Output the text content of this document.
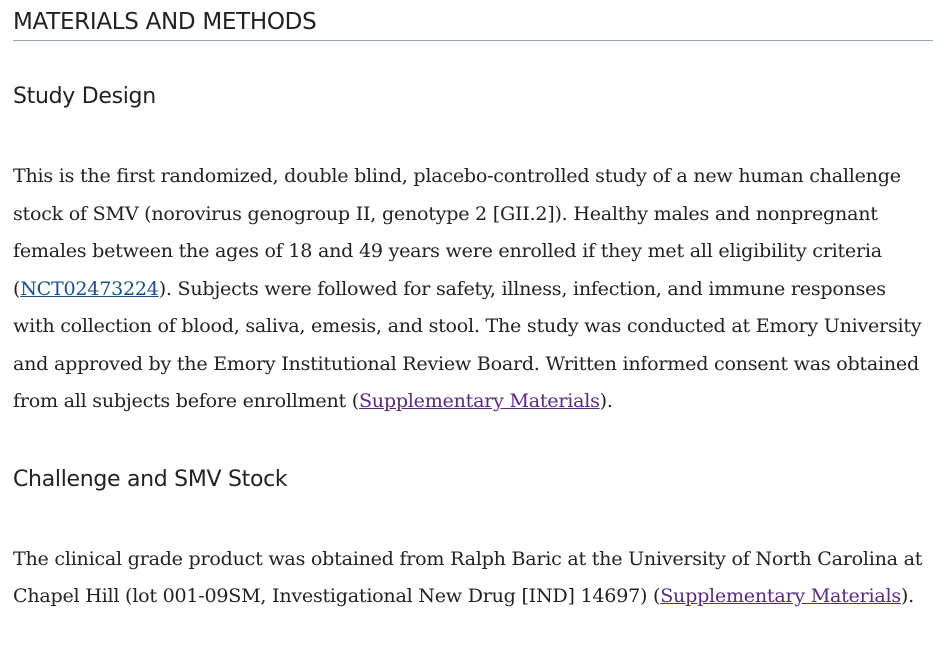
MATERIALS AND METHODS
Study Design

This is the first randomized, double blind, placebo-controlled study of a new human challenge stock of SMV (norovirus genogroup II, genotype 2 [GII.2]). Healthy males and nonpregnant females between the ages of 18 and 49 years were enrolled if they met all eligibility criteria (NCT02473224). Subjects were followed for safety, illness, infection, and immune responses with collection of blood, saliva, emesis, and stool. The study was conducted at Emory University and approved by the Emory Institutional Review Board. Written informed consent was obtained from all subjects before enrollment (Supplementary Materials).

Challenge and SMV Stock

The clinical grade product was obtained from Ralph Baric at the University of North Carolina at Chapel Hill (lot 001-09SM, Investigational New Drug [IND] 14697) (Supplementary Materials).
